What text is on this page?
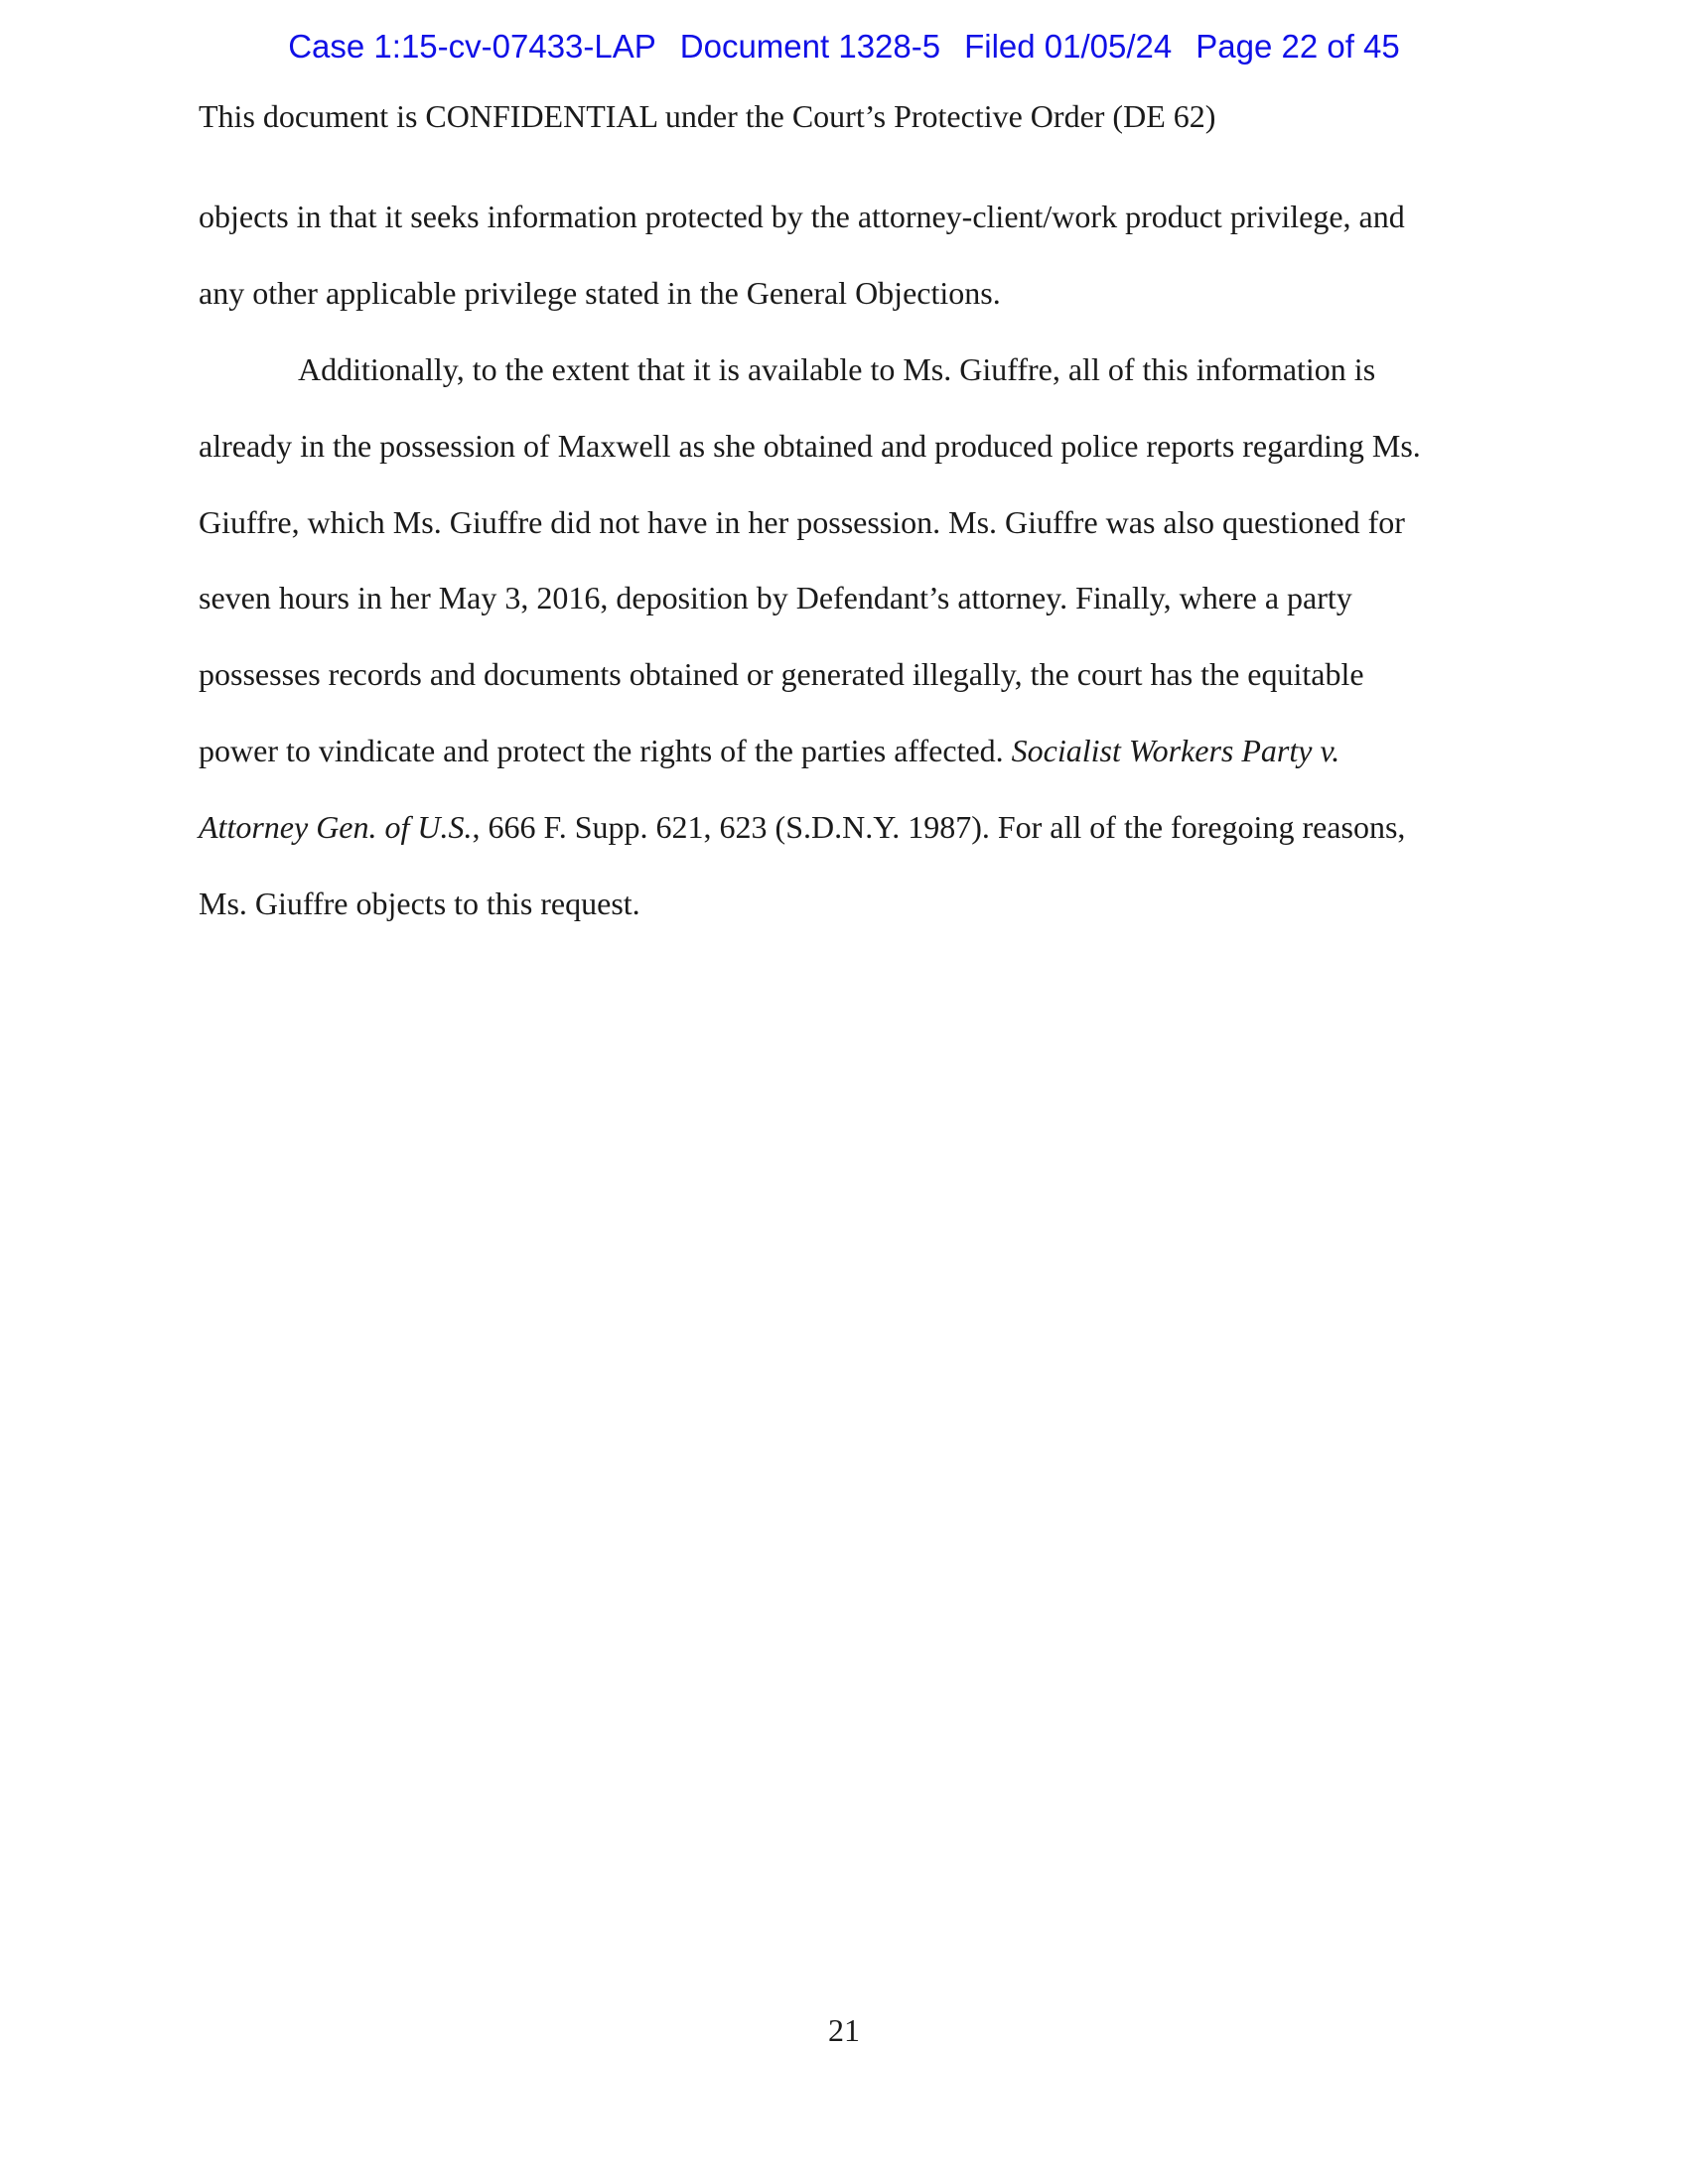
Case 1:15-cv-07433-LAP Document 1328-5 Filed 01/05/24 Page 22 of 45
This document is CONFIDENTIAL under the Court’s Protective Order (DE 62)
objects in that it seeks information protected by the attorney-client/work product privilege, and
any other applicable privilege stated in the General Objections.
Additionally, to the extent that it is available to Ms. Giuffre, all of this information is
already in the possession of Maxwell as she obtained and produced police reports regarding Ms.
Giuffre, which Ms. Giuffre did not have in her possession. Ms. Giuffre was also questioned for
seven hours in her May 3, 2016, deposition by Defendant’s attorney. Finally, where a party
possesses records and documents obtained or generated illegally, the court has the equitable
power to vindicate and protect the rights of the parties affected. Socialist Workers Party v.
Attorney Gen. of U.S., 666 F. Supp. 621, 623 (S.D.N.Y. 1987). For all of the foregoing reasons,
Ms. Giuffre objects to this request.
21
